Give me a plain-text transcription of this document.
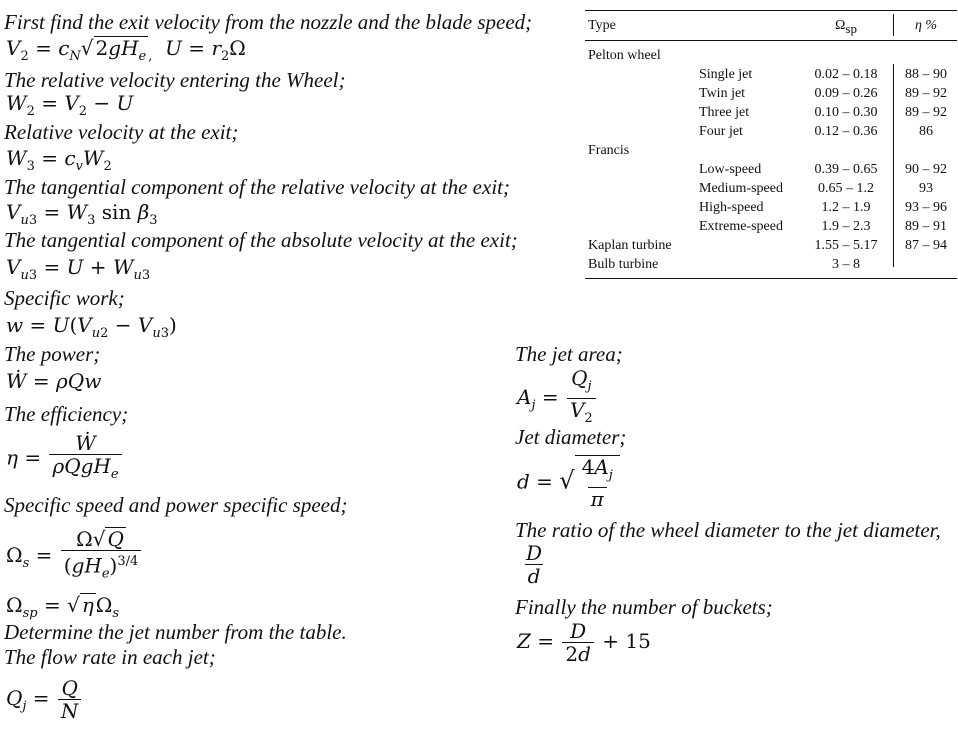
First find the exit velocity from the nozzle and the blade speed;
$V_2 = c_N√$ $2gH_e$ $_,$ $U = r_2\Omega$
The relative velocity entering the Wheel;
$W_2 = V_2 - U$
Relative velocity at the exit;
$W_3 = c_vW_2$
The tangential component of the relative velocity at the exit;
$V_{u3} = W_3$ $\sin \beta_3$
The tangential component of the absolute velocity at the exit;
$V_{u3} = U + W_{u3}$
Specific work;
$w = U(V_{u2} - V_{u3})$
The power;
Ẇ = ρQw
The efficiency;
$\eta = \frac{\text{Ẇ}}{\rho QgH_e}$
Specific speed and power specific speed;
$\Omega_s = \frac{\Omega√ Q}{(gH_e)^{3/4}}$
$\Omega_{sp}$ = √ η $\Omega_s$
Determine the jet number from the table.
The flow rate in each jet;
$Q_j = \frac{Q}{N}$
The jet area;
$A_j = \frac{Q_j}{V_2}$
Jet diameter;
d = √ $\frac{4A_j}{\pi}$
The ratio of the wheel diameter to the jet diameter,
$\frac{D}{d}$
Finally the number of buckets;
$Z = \frac{D}{2d} + 15$
Type	$\Omega_{sp}$	η %
Pelton wheel
Single jet	0.02 – 0.18	88 – 90
Twin jet	0.09 – 0.26	89 – 92
Three jet	0.10 – 0.30	89 – 92
Four jet	0.12 – 0.36	86
Francis
Low-speed	0.39 – 0.65	90 – 92
Medium-speed	0.65 – 1.2	93
High-speed	1.2 – 1.9	93 – 96
Extreme-speed	1.9 – 2.3	89 – 91
Kaplan turbine	1.55 – 5.17	87 – 94
Bulb turbine	3 – 8
